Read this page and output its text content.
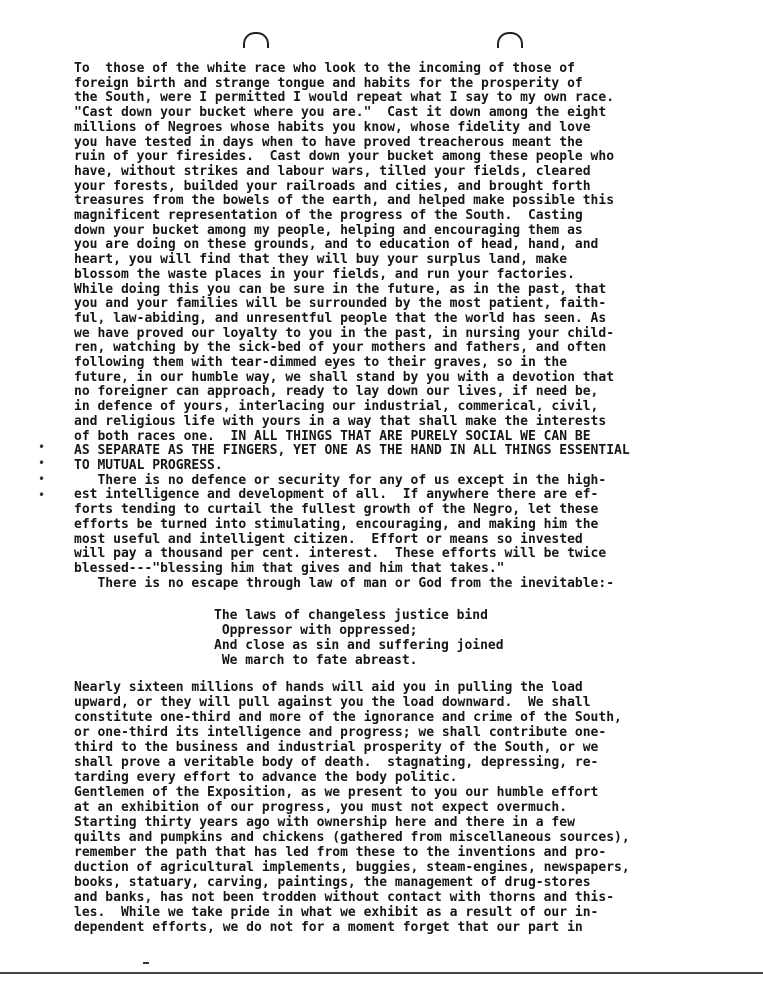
•
•
•
•
To  those of the white race who look to the incoming of those of
foreign birth and strange tongue and habits for the prosperity of
the South, were I permitted I would repeat what I say to my own race.
"Cast down your bucket where you are."  Cast it down among the eight
millions of Negroes whose habits you know, whose fidelity and love
you have tested in days when to have proved treacherous meant the
ruin of your firesides.  Cast down your bucket among these people who
have, without strikes and labour wars, tilled your fields, cleared
your forests, builded your railroads and cities, and brought forth
treasures from the bowels of the earth, and helped make possible this
magnificent representation of the progress of the South.  Casting
down your bucket among my people, helping and encouraging them as
you are doing on these grounds, and to education of head, hand, and
heart, you will find that they will buy your surplus land, make
blossom the waste places in your fields, and run your factories.
While doing this you can be sure in the future, as in the past, that
you and your families will be surrounded by the most patient, faith-
ful, law-abiding, and unresentful people that the world has seen. As
we have proved our loyalty to you in the past, in nursing your child-
ren, watching by the sick-bed of your mothers and fathers, and often
following them with tear-dimmed eyes to their graves, so in the
future, in our humble way, we shall stand by you with a devotion that
no foreigner can approach, ready to lay down our lives, if need be,
in defence of yours, interlacing our industrial, commerical, civil,
and religious life with yours in a way that shall make the interests
of both races one.  IN ALL THINGS THAT ARE PURELY SOCIAL WE CAN BE
AS SEPARATE AS THE FINGERS, YET ONE AS THE HAND IN ALL THINGS ESSENTIAL
TO MUTUAL PROGRESS.
There is no defence or security for any of us except in the high-
est intelligence and development of all.  If anywhere there are ef-
forts tending to curtail the fullest growth of the Negro, let these
efforts be turned into stimulating, encouraging, and making him the
most useful and intelligent citizen.  Effort or means so invested
will pay a thousand per cent. interest.  These efforts will be twice
blessed---"blessing him that gives and him that takes."
There is no escape through law of man or God from the inevitable:-
The laws of changeless justice bind
Oppressor with oppressed;
And close as sin and suffering joined
We march to fate abreast.
Nearly sixteen millions of hands will aid you in pulling the load
upward, or they will pull against you the load downward.  We shall
constitute one-third and more of the ignorance and crime of the South,
or one-third its intelligence and progress; we shall contribute one-
third to the business and industrial prosperity of the South, or we
shall prove a veritable body of death.  stagnating, depressing, re-
tarding every effort to advance the body politic.
Gentlemen of the Exposition, as we present to you our humble effort
at an exhibition of our progress, you must not expect overmuch.
Starting thirty years ago with ownership here and there in a few
quilts and pumpkins and chickens (gathered from miscellaneous sources),
remember the path that has led from these to the inventions and pro-
duction of agricultural implements, buggies, steam-engines, newspapers,
books, statuary, carving, paintings, the management of drug-stores
and banks, has not been trodden without contact with thorns and this-
les.  While we take pride in what we exhibit as a result of our in-
dependent efforts, we do not for a moment forget that our part in
